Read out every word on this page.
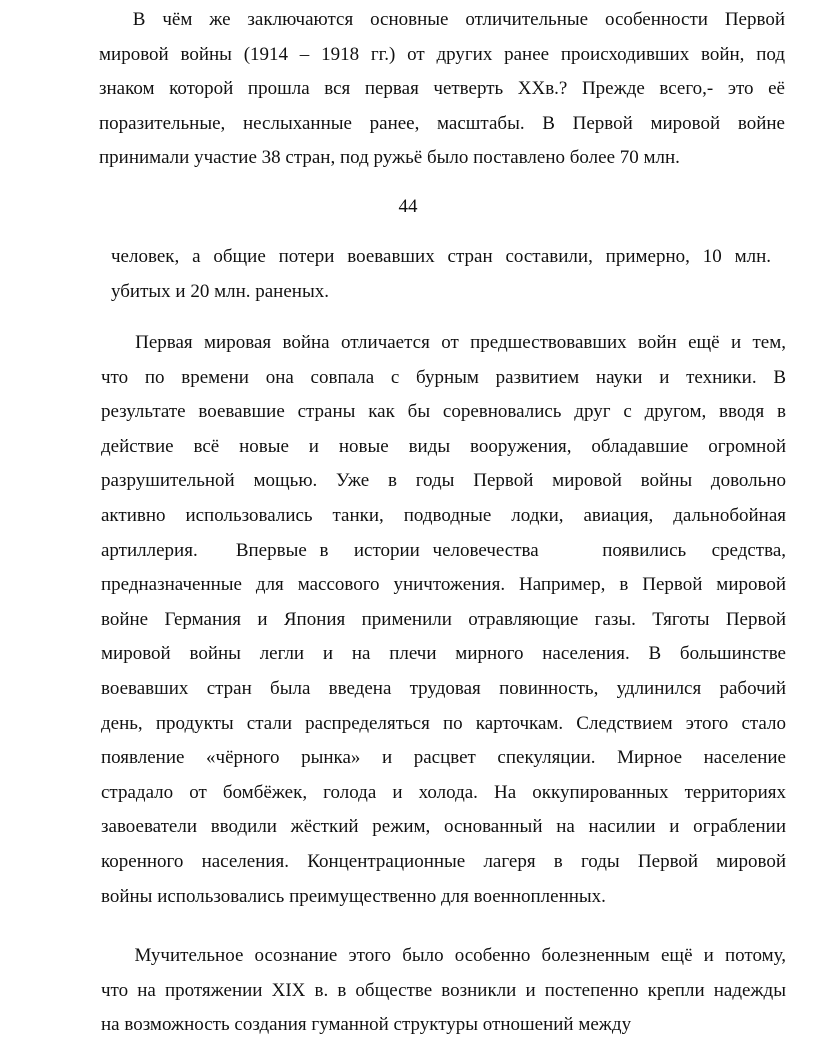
В чём же заключаются основные отличительные особенности Первой
мировой войны (1914 – 1918 гг.) от других ранее происходивших войн, под
знаком которой прошла вся первая четверть XXв.? Прежде всего,- это её
поразительные, неслыханные ранее, масштабы. В Первой мировой войне
принимали участие 38 стран, под ружьё было поставлено более 70 млн.
44
человек, а общие потери воевавших стран составили, примерно, 10 млн.
убитых и 20 млн. раненых.
Первая мировая война отличается от предшествовавших войн ещё и тем,
что по времени она совпала с бурным развитием науки и техники. В
результате воевавшие страны как бы соревновались друг с другом, вводя в
действие всё новые и новые виды вооружения, обладавшие огромной
разрушительной мощью. Уже в годы Первой мировой войны довольно
активно использовались танки, подводные лодки, авиация, дальнобойная
артиллерия.   Впервые в  истории человечества     появились  средства,
предназначенные для массового уничтожения. Например, в Первой мировой
войне Германия и Япония применили отравляющие газы. Тяготы Первой
мировой войны легли и на плечи мирного населения. В большинстве
воевавших стран была введена трудовая повинность, удлинился рабочий
день, продукты стали распределяться по карточкам. Следствием этого стало
появление «чёрного рынка» и расцвет спекуляции. Мирное население
страдало от бомбёжек, голода и холода. На оккупированных территориях
завоеватели вводили жёсткий режим, основанный на насилии и ограблении
коренного населения. Концентрационные лагеря в годы Первой мировой
войны использовались преимущественно для военнопленных.
Мучительное осознание этого было особенно болезненным ещё и потому,
что на протяжении XIX в. в обществе возникли и постепенно крепли надежды
на возможность создания гуманной структуры отношений между
